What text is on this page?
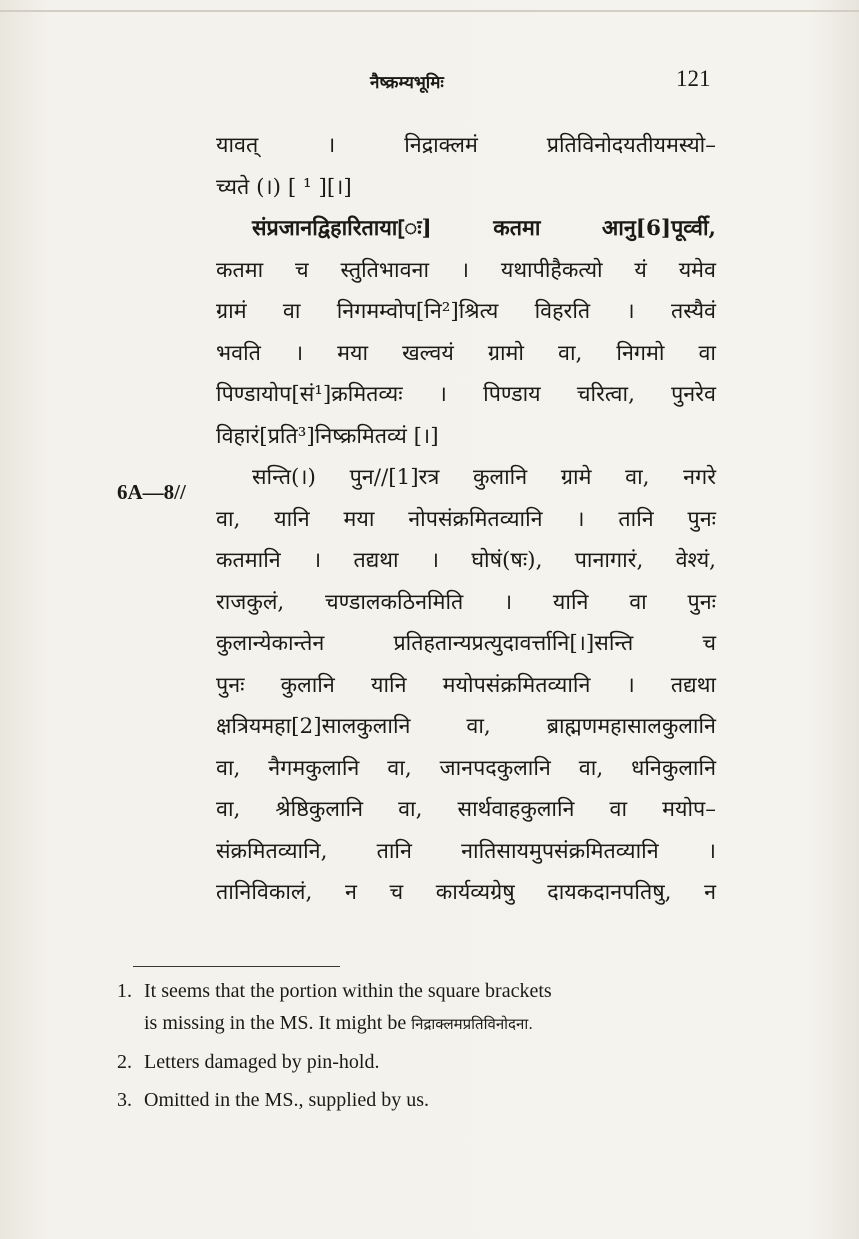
नैष्क्रम्यभूमिः	121
6A—8//
यावत् । निद्राक्लमं प्रतिविनोदयतीयमस्यो–
च्यते (।) [ ¹ ][।]
संप्रजानद्विहारिताया[ः] कतमा आनु[6]पूर्व्वी,
कतमा च स्तुतिभावना । यथापीहैकत्यो यं यमेव
ग्रामं वा निगमम्वोप[नि²]श्रित्य विहरति । तस्यैवं
भवति । मया खल्वयं ग्रामो वा, निगमो वा
पिण्डायोप[सं¹]क्रमितव्यः । पिण्डाय चरित्वा, पुनरेव
विहारं[प्रति³]निष्क्रमितव्यं [।]
सन्ति(।) पुन//[1]रत्र कुलानि ग्रामे वा, नगरे
वा, यानि मया नोपसंक्रमितव्यानि । तानि पुनः
कतमानि । तद्यथा । घोषं(षः), पानागारं, वेश्यं,
राजकुलं, चण्डालकठिनमिति । यानि वा पुनः
कुलान्येकान्तेन प्रतिहतान्यप्रत्युदावर्त्तानि[।]सन्ति च
पुनः कुलानि यानि मयोपसंक्रमितव्यानि । तद्यथा
क्षत्रियमहा[2]सालकुलानि वा, ब्राह्मणमहासालकुलानि
वा, नैगमकुलानि वा, जानपदकुलानि वा, धनिकुलानि
वा, श्रेष्ठिकुलानि वा, सार्थवाहकुलानि वा मयोप–
संक्रमितव्यानि, तानि नातिसायमुपसंक्रमितव्यानि ।
तानिविकालं, न च कार्यव्यग्रेषु दायकदानपतिषु, न
1. It seems that the portion within the square brackets
is missing in the MS. It might be निद्राक्लमप्रतिविनोदना.
2. Letters damaged by pin-hold.
3. Omitted in the MS., supplied by us.
